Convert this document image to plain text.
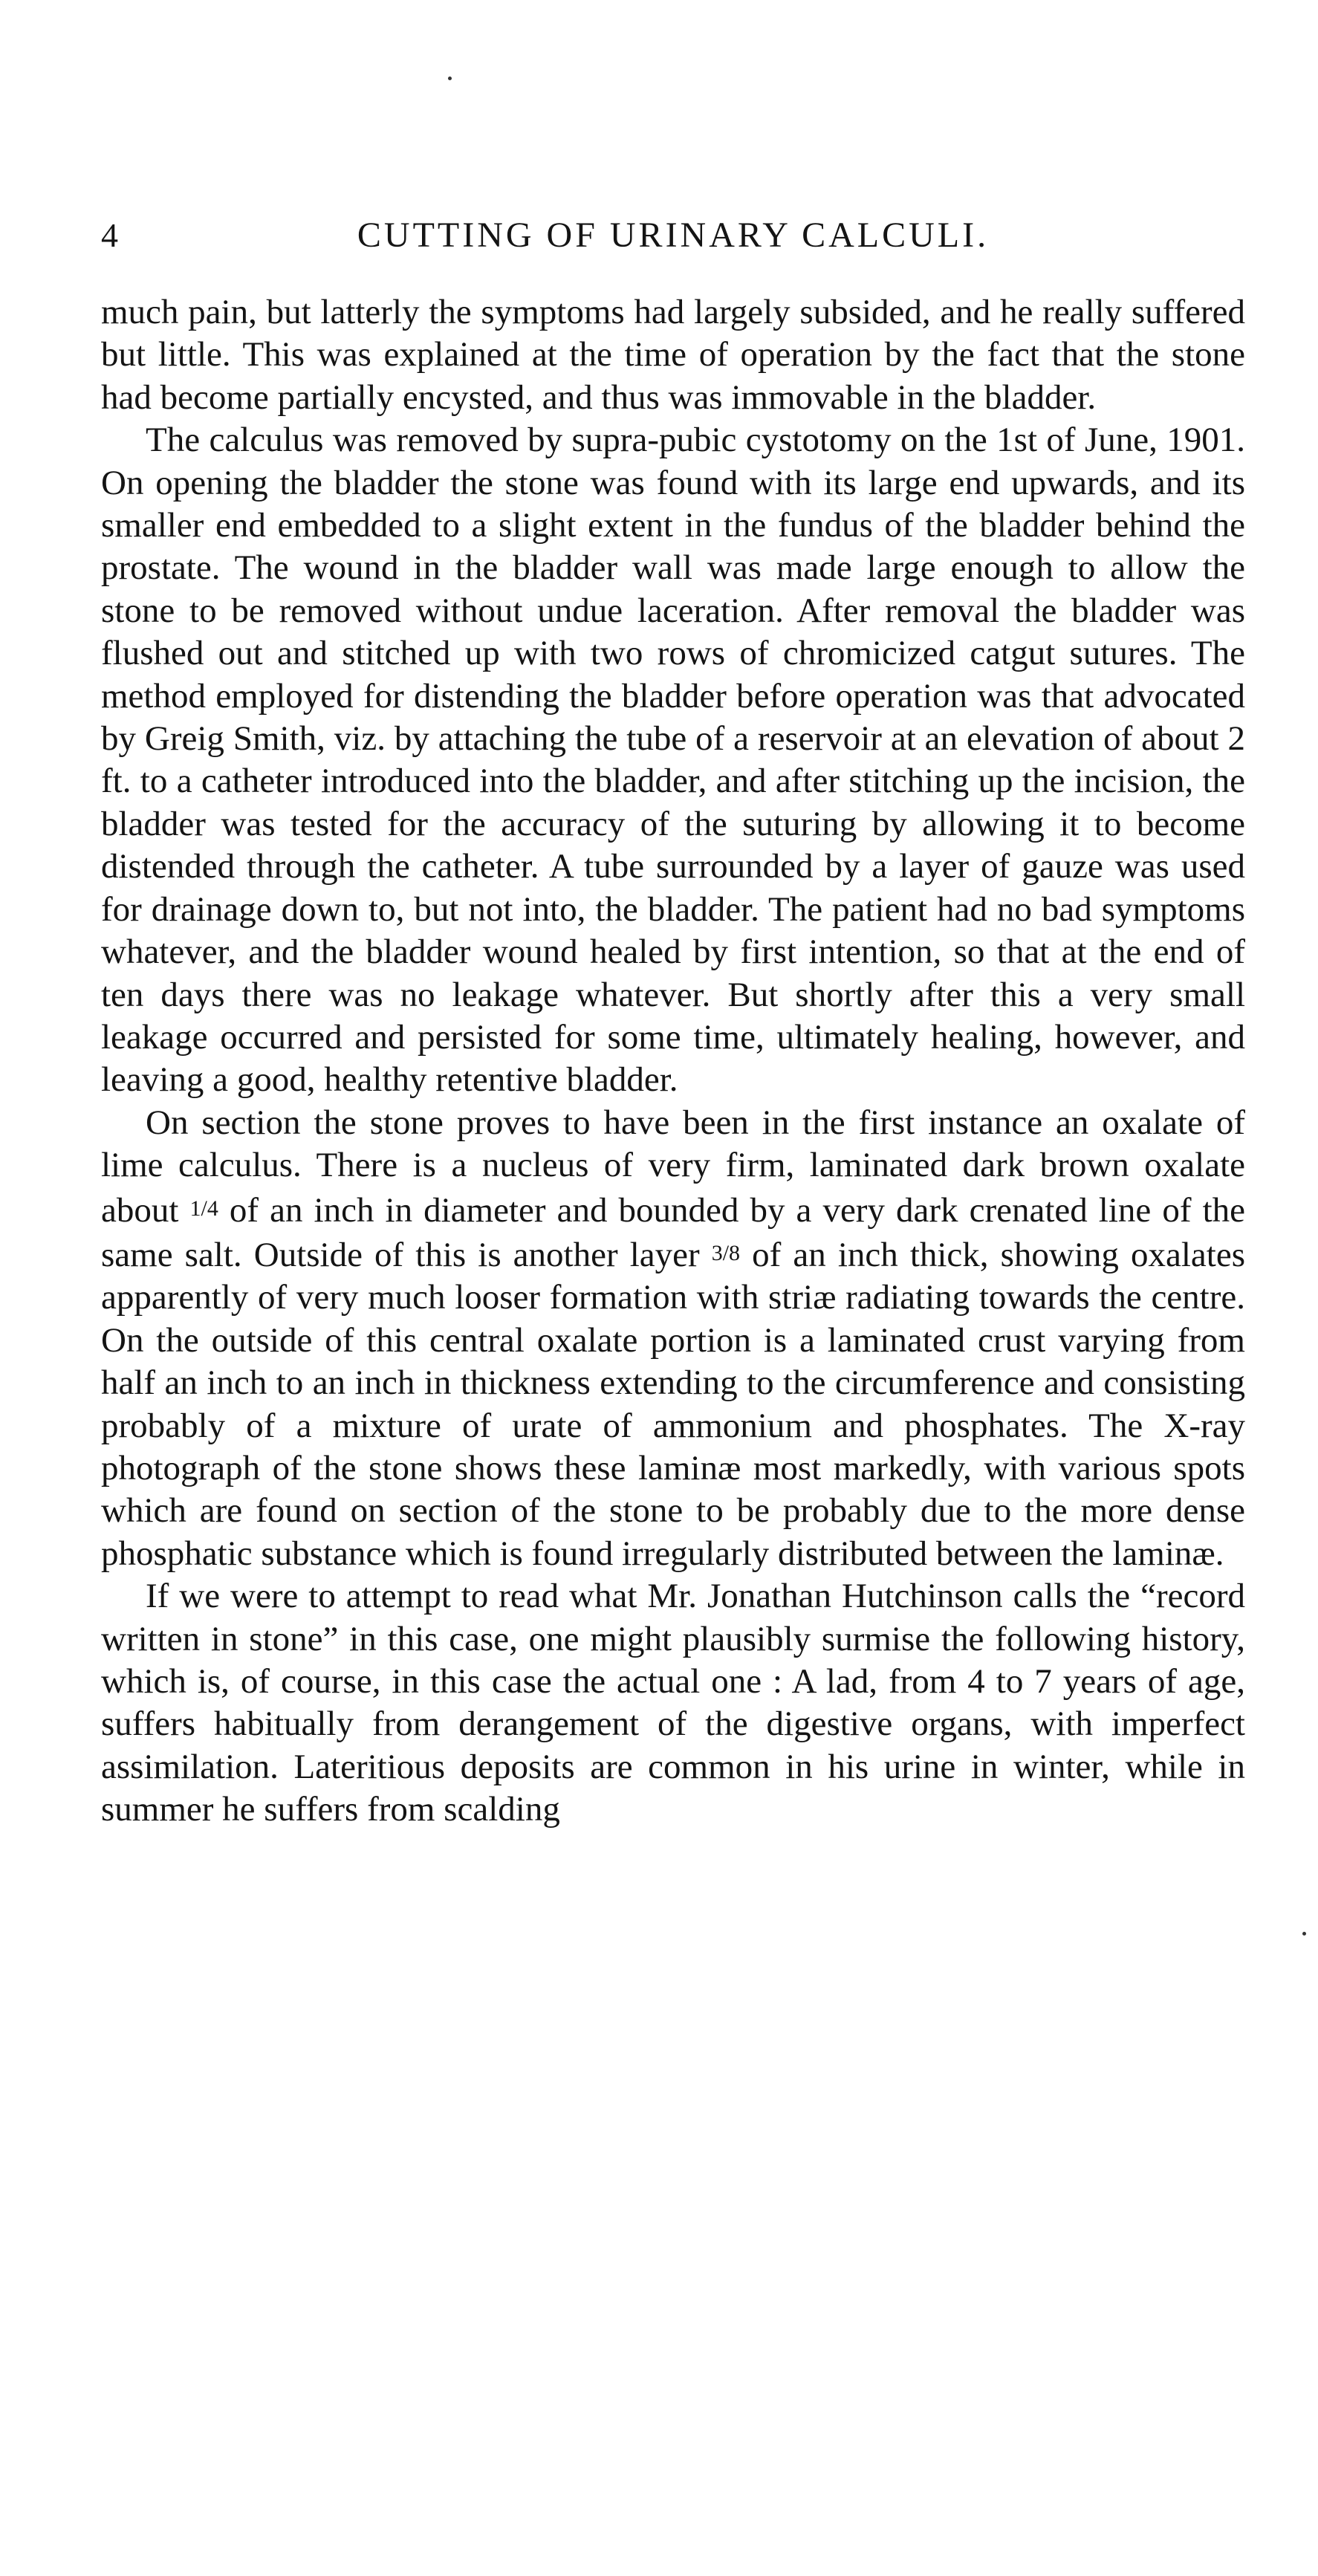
4	CUTTING OF URINARY CALCULI.

much pain, but latterly the symptoms had largely subsided, and he really suffered but little. This was explained at the time of operation by the fact that the stone had become partially encysted, and thus was immovable in the bladder.

The calculus was removed by supra-pubic cystotomy on the 1st of June, 1901. On opening the bladder the stone was found with its large end upwards, and its smaller end embedded to a slight extent in the fundus of the bladder behind the prostate. The wound in the bladder wall was made large enough to allow the stone to be removed without undue laceration. After removal the bladder was flushed out and stitched up with two rows of chromicized catgut sutures. The method employed for distending the bladder before operation was that advocated by Greig Smith, viz. by attaching the tube of a reservoir at an elevation of about 2 ft. to a catheter introduced into the bladder, and after stitching up the incision, the bladder was tested for the accuracy of the suturing by allowing it to become distended through the catheter. A tube surrounded by a layer of gauze was used for drainage down to, but not into, the bladder. The patient had no bad symptoms whatever, and the bladder wound healed by first intention, so that at the end of ten days there was no leakage whatever. But shortly after this a very small leakage occurred and persisted for some time, ultimately healing, however, and leaving a good, healthy retentive bladder.

On section the stone proves to have been in the first instance an oxalate of lime calculus. There is a nucleus of very firm, laminated dark brown oxalate about 1/4 of an inch in diameter and bounded by a very dark crenated line of the same salt. Outside of this is another layer 3/8 of an inch thick, showing oxalates apparently of very much looser formation with striæ radiating towards the centre. On the outside of this central oxalate portion is a laminated crust varying from half an inch to an inch in thickness extending to the circumference and consisting probably of a mixture of urate of ammonium and phosphates. The X-ray photograph of the stone shows these laminæ most markedly, with various spots which are found on section of the stone to be probably due to the more dense phosphatic substance which is found irregularly distributed between the laminæ.

If we were to attempt to read what Mr. Jonathan Hutchinson calls the “record written in stone” in this case, one might plausibly surmise the following history, which is, of course, in this case the actual one : A lad, from 4 to 7 years of age, suffers habitually from derangement of the digestive organs, with imperfect assimilation. Lateritious deposits are common in his urine in winter, while in summer he suffers from scalding
